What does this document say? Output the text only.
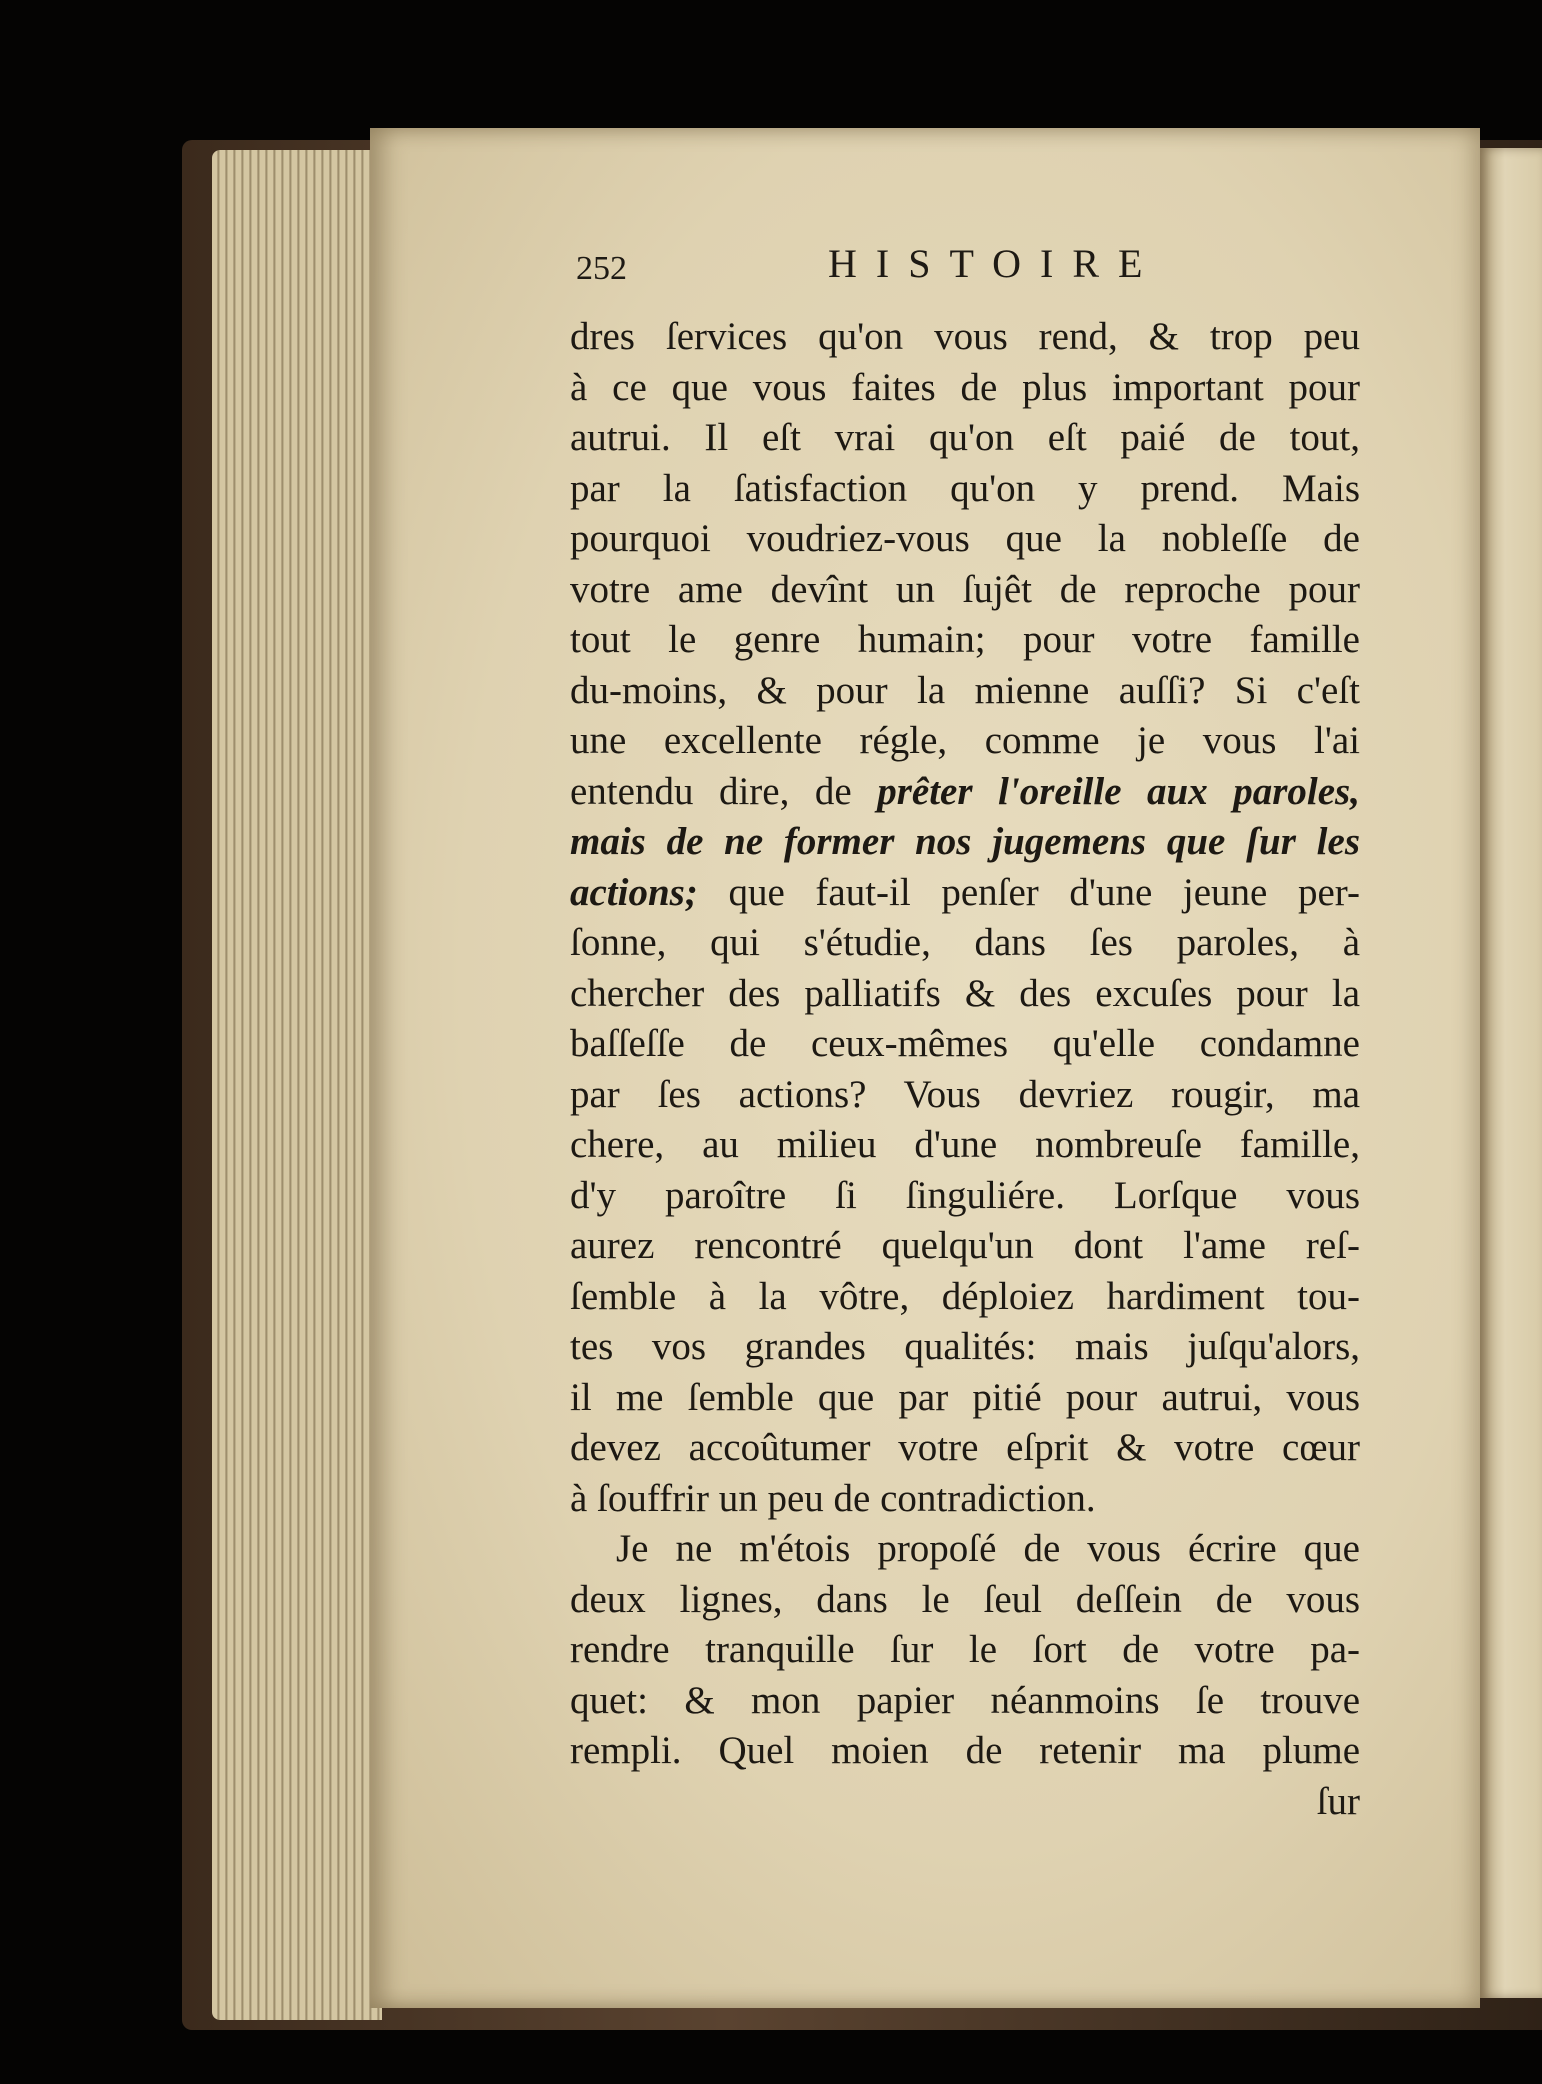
252	HISTOIRE
dres ſervices qu'on vous rend, & trop peu
à ce que vous faites de plus important pour
autrui. Il eſt vrai qu'on eſt paié de tout,
par la ſatisfaction qu'on y prend. Mais
pourquoi voudriez-vous que la nobleſſe de
votre ame devînt un ſujêt de reproche pour
tout le genre humain; pour votre famille
du-moins, & pour la mienne auſſi? Si c'eſt
une excellente régle, comme je vous l'ai
entendu dire, de prêter l'oreille aux paroles,
mais de ne former nos jugemens que ſur les
actions; que faut-il penſer d'une jeune per-
ſonne, qui s'étudie, dans ſes paroles, à
chercher des palliatifs & des excuſes pour la
baſſeſſe de ceux-mêmes qu'elle condamne
par ſes actions? Vous devriez rougir, ma
chere, au milieu d'une nombreuſe famille,
d'y paroître ſi ſinguliére. Lorſque vous
aurez rencontré quelqu'un dont l'ame reſ-
ſemble à la vôtre, déploiez hardiment tou-
tes vos grandes qualités: mais juſqu'alors,
il me ſemble que par pitié pour autrui, vous
devez accoûtumer votre eſprit & votre cœur
à ſouffrir un peu de contradiction.
Je ne m'étois propoſé de vous écrire que
deux lignes, dans le ſeul deſſein de vous
rendre tranquille ſur le ſort de votre pa-
quet: & mon papier néanmoins ſe trouve
rempli. Quel moien de retenir ma plume
ſur
